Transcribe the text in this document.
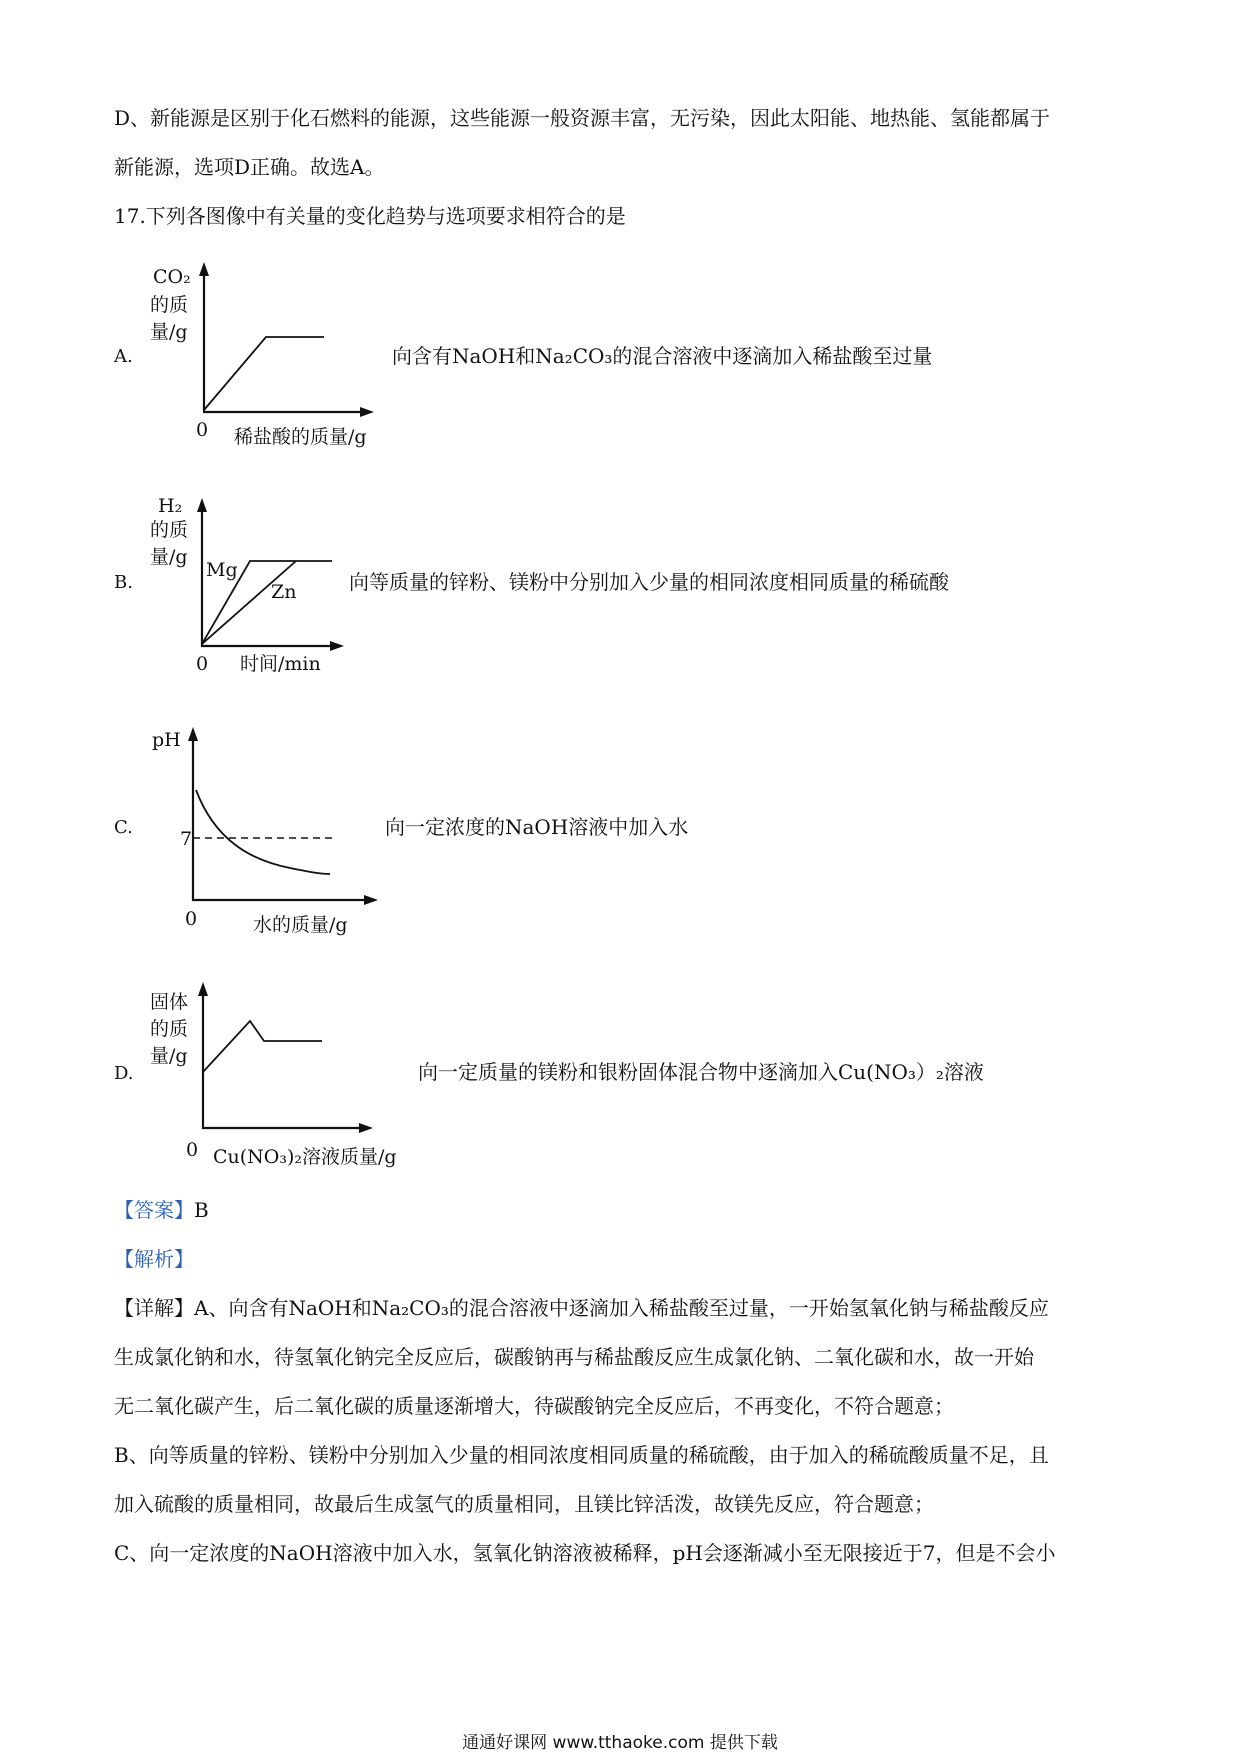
D、新能源是区别于化石燃料的能源，这些能源一般资源丰富，无污染，因此太阳能、地热能、氢能都属于
新能源，选项D正确。故选A。
17.下列各图像中有关量的变化趋势与选项要求相符合的是
A.
CO₂
的质
量/g
0 稀盐酸的质量/g
向含有NaOH和Na₂CO₃的混合溶液中逐滴加入稀盐酸至过量
B.
H₂
的质
量/g
Mg
Zn
0 时间/min
向等质量的锌粉、镁粉中分别加入少量的相同浓度相同质量的稀硫酸
C.
pH
7
0	水的质量/g
向一定浓度的NaOH溶液中加入水
D.
固体
的质
量/g
0 Cu(NO₃)₂溶液质量/g
向一定质量的镁粉和银粉固体混合物中逐滴加入Cu(NO₃）₂溶液
【答案】B
【解析】
【详解】A、向含有NaOH和Na₂CO₃的混合溶液中逐滴加入稀盐酸至过量，一开始氢氧化钠与稀盐酸反应
生成氯化钠和水，待氢氧化钠完全反应后，碳酸钠再与稀盐酸反应生成氯化钠、二氧化碳和水，故一开始
无二氧化碳产生，后二氧化碳的质量逐渐增大，待碳酸钠完全反应后，不再变化，不符合题意；
B、向等质量的锌粉、镁粉中分别加入少量的相同浓度相同质量的稀硫酸，由于加入的稀硫酸质量不足，且
加入硫酸的质量相同，故最后生成氢气的质量相同，且镁比锌活泼，故镁先反应，符合题意；
C、向一定浓度的NaOH溶液中加入水，氢氧化钠溶液被稀释，pH会逐渐减小至无限接近于7，但是不会小
通通好课网 www.tthaoke.com 提供下载
